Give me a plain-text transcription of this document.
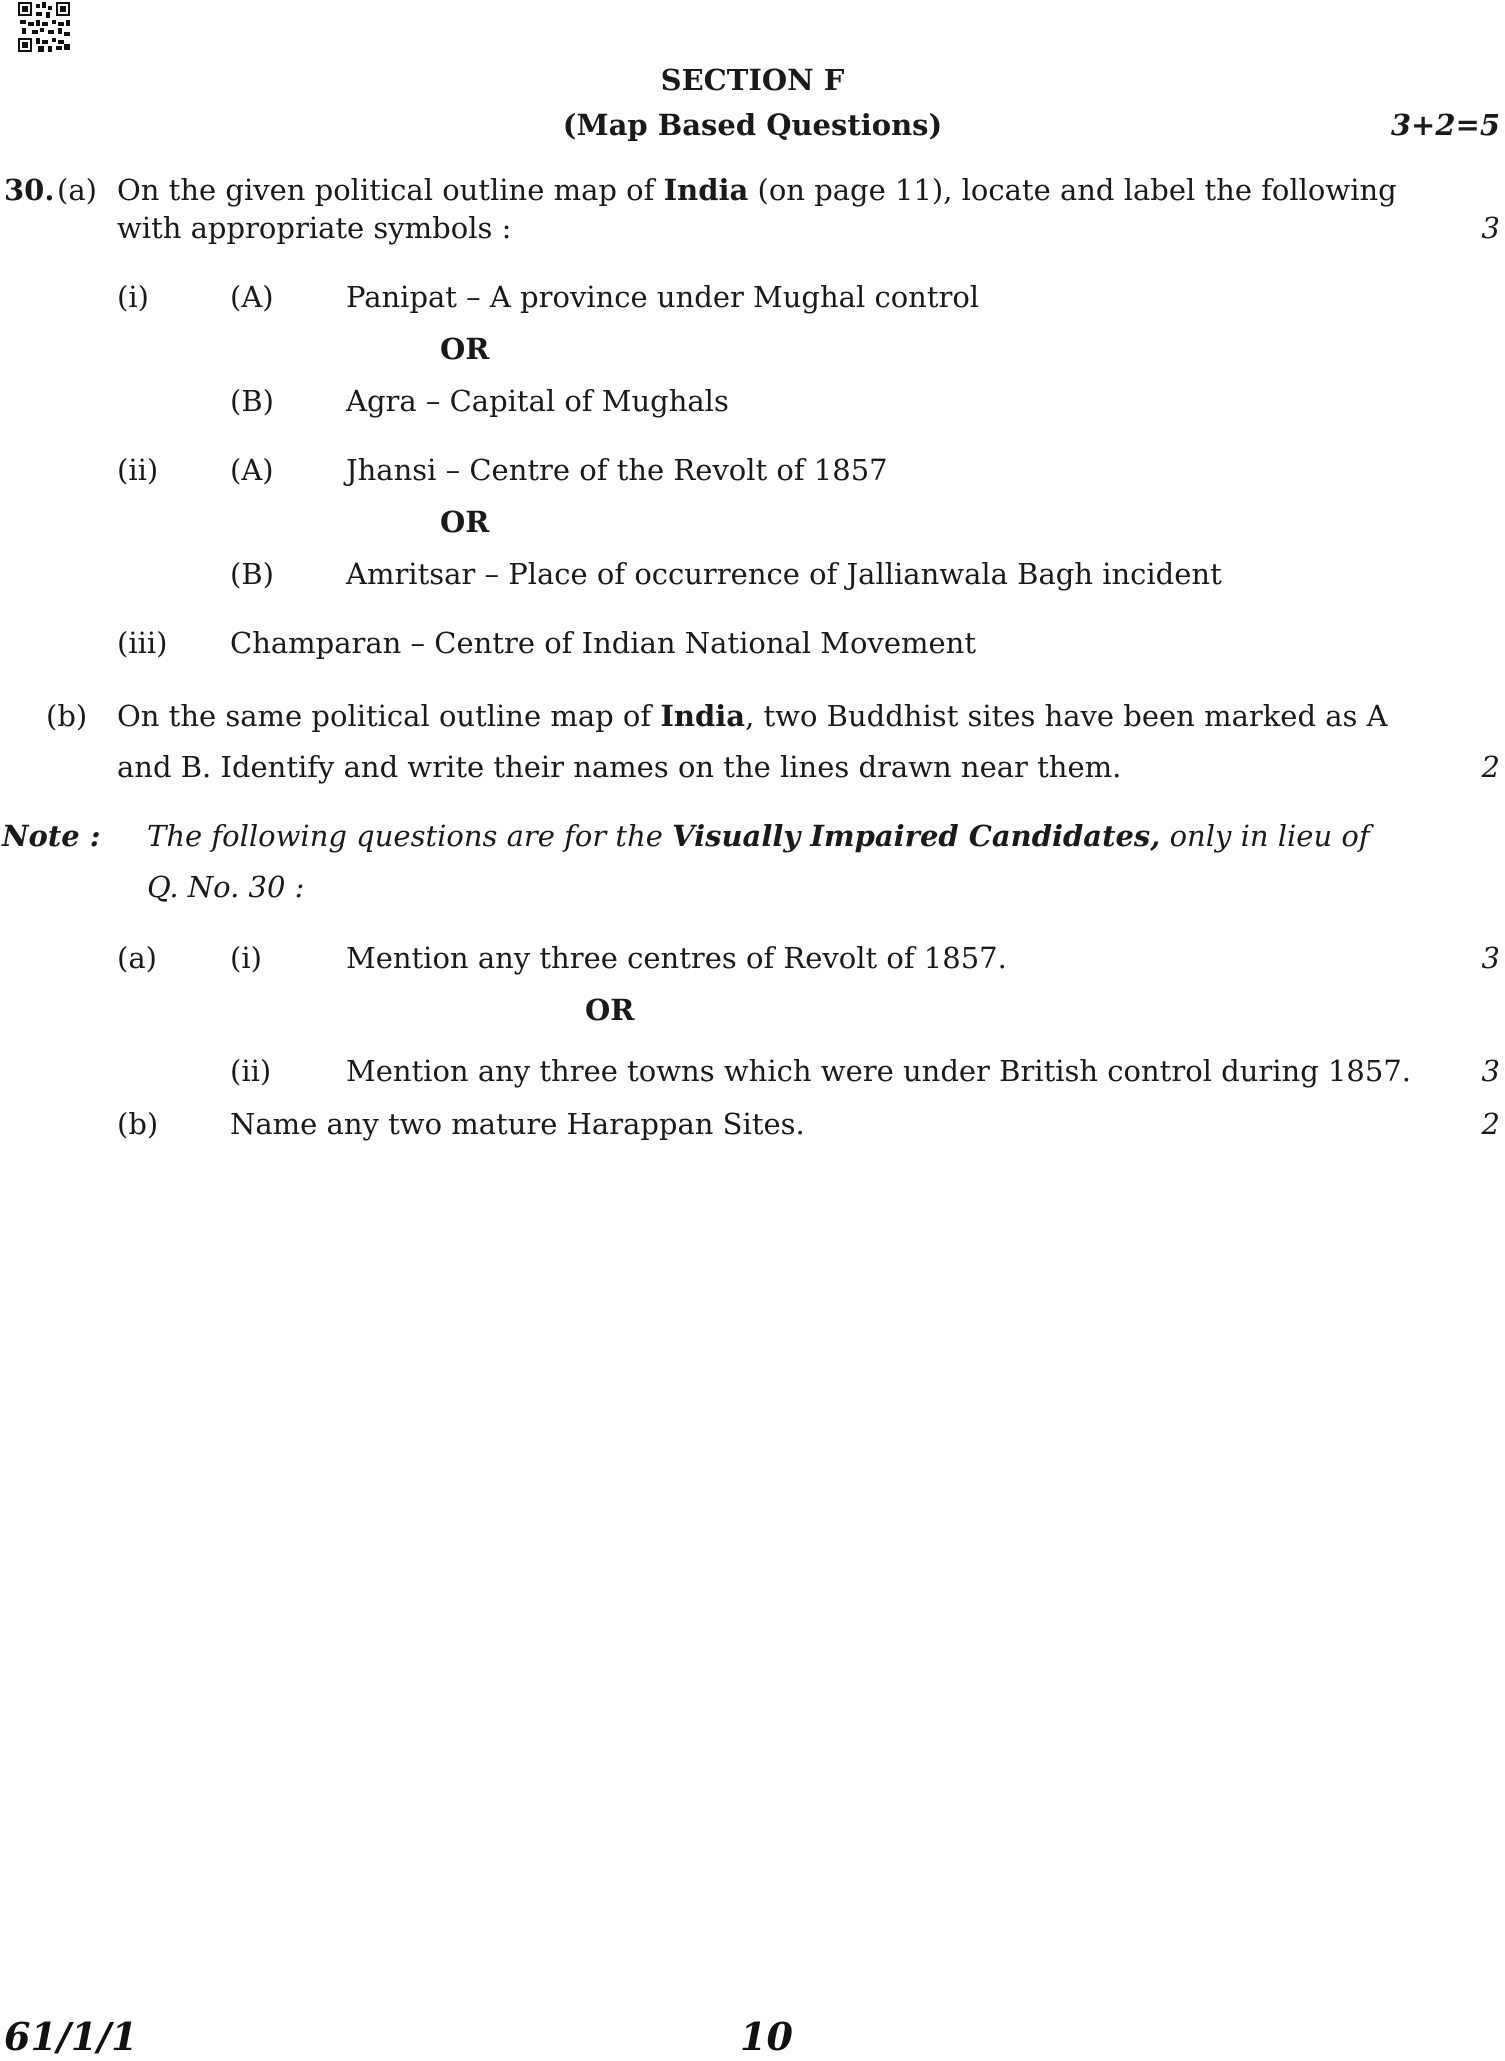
SECTION F
(Map Based Questions)	3+2=5
30. (a) On the given political outline map of India (on page 11), locate and label the following
with appropriate symbols :	3
(i)	(A) Panipat – A province under Mughal control
OR
(B) Agra – Capital of Mughals
(ii) (A) Jhansi – Centre of the Revolt of 1857
OR
(B) Amritsar – Place of occurrence of Jallianwala Bagh incident
(iii) Champaran – Centre of Indian National Movement
(b) On the same political outline map of India, two Buddhist sites have been marked as A
and B. Identify and write their names on the lines drawn near them.	2
Note : The following questions are for the Visually Impaired Candidates, only in lieu of
Q. No. 30 :
(a)	(i)	Mention any three centres of Revolt of 1857.	3
OR
(ii)	Mention any three towns which were under British control during 1857. 3
(b) Name any two mature Harappan Sites.	2
61/1/1	10
